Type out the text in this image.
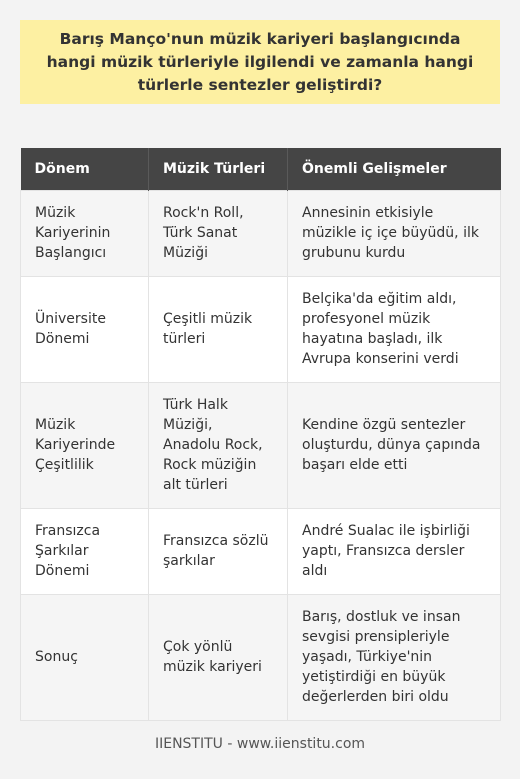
Barış Manço'nun müzik kariyeri başlangıcında hangi müzik türleriyle ilgilendi ve zamanla hangi türlerle sentezler geliştirdi?
Dönem	Müzik Türleri	Önemli Gelişmeler
Müzik Kariyerinin Başlangıcı	Rock'n Roll, Türk Sanat Müziği	Annesinin etkisiyle müzikle iç içe büyüdü, ilk grubunu kurdu
Üniversite Dönemi	Çeşitli müzik türleri	Belçika'da eğitim aldı, profesyonel müzik hayatına başladı, ilk Avrupa konserini verdi
Müzik Kariyerinde Çeşitlilik	Türk Halk Müziği, Anadolu Rock, Rock müziğin alt türleri	Kendine özgü sentezler oluşturdu, dünya çapında başarı elde etti
Fransızca Şarkılar Dönemi	Fransızca sözlü şarkılar	André Sualac ile işbirliği yaptı, Fransızca dersler aldı
Sonuç	Çok yönlü müzik kariyeri	Barış, dostluk ve insan sevgisi prensipleriyle yaşadı, Türkiye'nin yetiştirdiği en büyük değerlerden biri oldu
IIENSTITU - www.iienstitu.com
